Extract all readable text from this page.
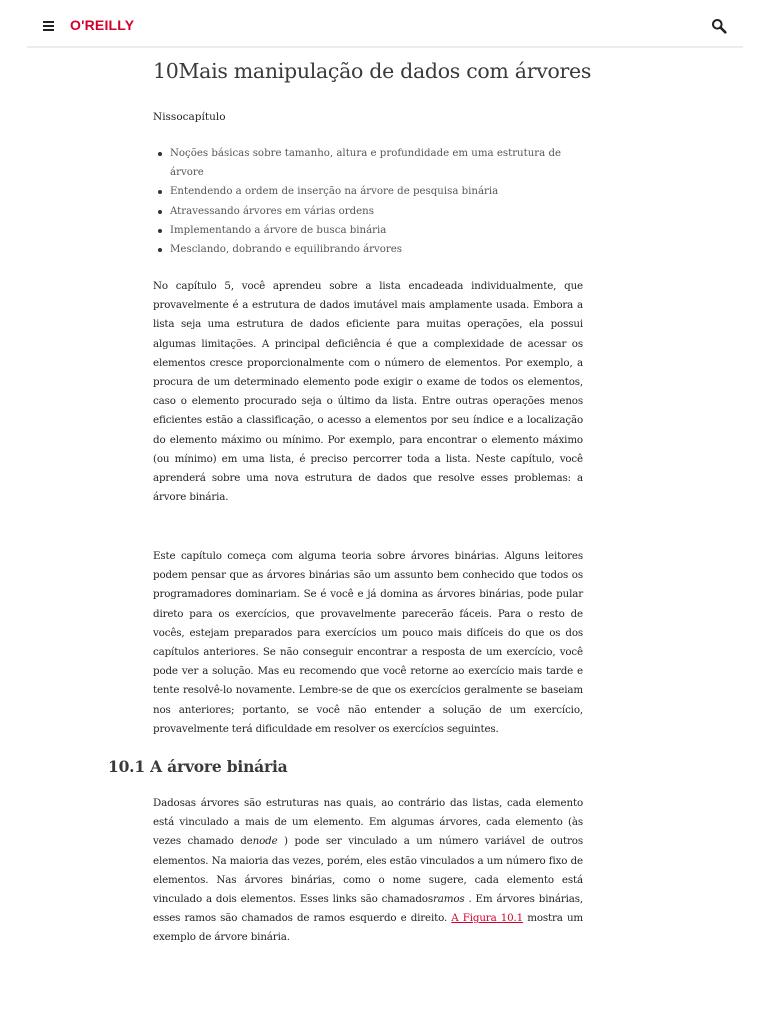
O'REILLY
10Mais manipulação de dados com árvores
Nissocapítulo
Noções básicas sobre tamanho, altura e profundidade em uma estrutura de árvore
Entendendo a ordem de inserção na árvore de pesquisa binária
Atravessando árvores em várias ordens
Implementando a árvore de busca binária
Mesclando, dobrando e equilibrando árvores

No capítulo 5, você aprendeu sobre a lista encadeada individualmente, que provavelmente é a estrutura de dados imutável mais amplamente usada. Embora a lista seja uma estrutura de dados eficiente para muitas operações, ela possui algumas limitações. A principal deficiência é que a complexidade de acessar os elementos cresce proporcionalmente com o número de elementos. Por exemplo, a procura de um determinado elemento pode exigir o exame de todos os elementos, caso o elemento procurado seja o último da lista. Entre outras operações menos eficientes estão a classificação, o acesso a elementos por seu índice e a localização do elemento máximo ou mínimo. Por exemplo, para encontrar o elemento máximo (ou mínimo) em uma lista, é preciso percorrer toda a lista. Neste capítulo, você aprenderá sobre uma nova estrutura de dados que resolve esses problemas: a árvore binária.

Este capítulo começa com alguma teoria sobre árvores binárias. Alguns leitores podem pensar que as árvores binárias são um assunto bem conhecido que todos os programadores dominariam. Se é você e já domina as árvores binárias, pode pular direto para os exercícios, que provavelmente parecerão fáceis. Para o resto de vocês, estejam preparados para exercícios um pouco mais difíceis do que os dos capítulos anteriores. Se não conseguir encontrar a resposta de um exercício, você pode ver a solução. Mas eu recomendo que você retorne ao exercício mais tarde e tente resolvê-lo novamente. Lembre-se de que os exercícios geralmente se baseiam nos anteriores; portanto, se você não entender a solução de um exercício, provavelmente terá dificuldade em resolver os exercícios seguintes.

10.1 A árvore binária

Dadosas árvores são estruturas nas quais, ao contrário das listas, cada elemento está vinculado a mais de um elemento. Em algumas árvores, cada elemento (às vezes chamado denode ) pode ser vinculado a um número variável de outros elementos. Na maioria das vezes, porém, eles estão vinculados a um número fixo de elementos. Nas árvores binárias, como o nome sugere, cada elemento está vinculado a dois elementos. Esses links são chamadosramos . Em árvores binárias, esses ramos são chamados de ramos esquerdo e direito. A Figura 10.1 mostra um exemplo de árvore binária.
